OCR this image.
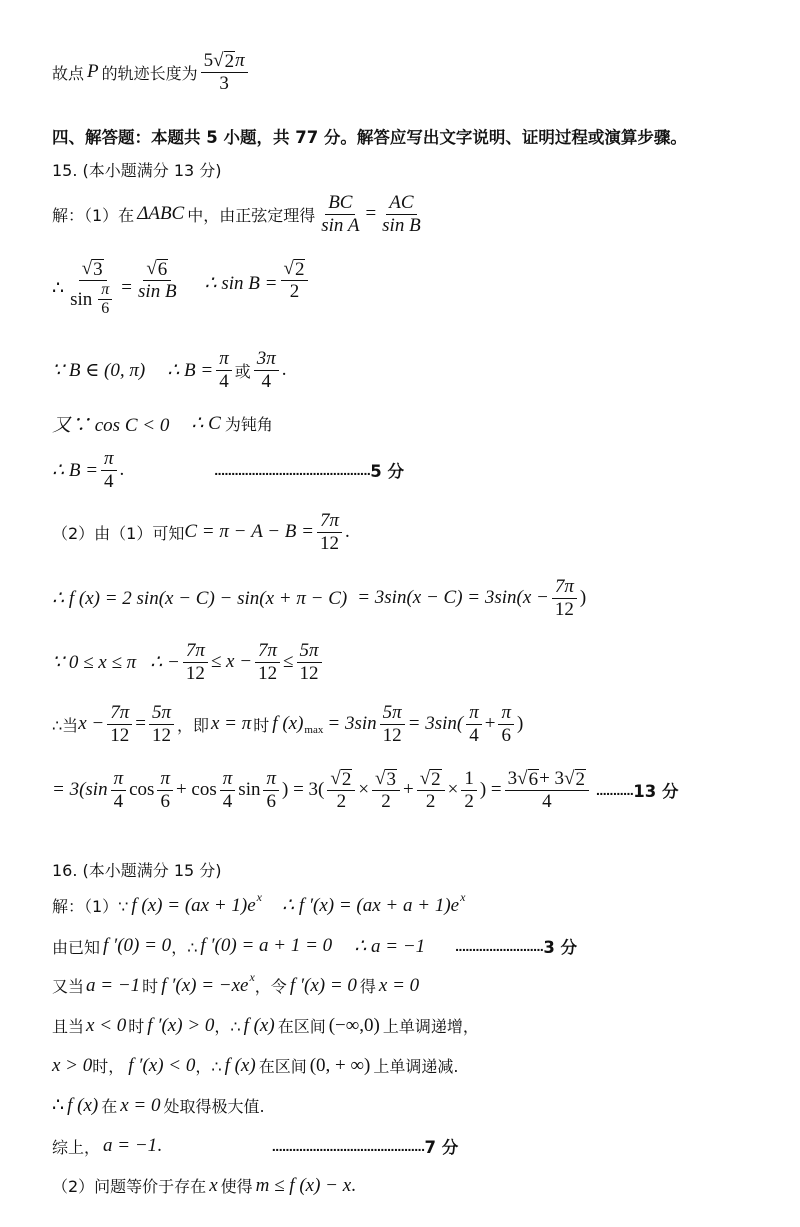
故点 P 的轨迹长度为 $\frac{5 √ 2 \pi}{3}$
四、解答题：本题共 5 小题，共 77 分。解答应写出文字说明、证明过程或演算步骤。
15. (本小题满分 13 分)
解：（1）在 ΔABC 中，由正弦定理得 $\frac{BC}{\text{sin A}} = \frac{AC}{\text{sin B}}$
∴ $\frac{√ 3}{\sin \frac{\pi}{6}} = \frac{√ 6}{\text{sin B}}$ ∴ $\sin B = \frac{√ 2}{2}$
∵ B ∈ (0, π) ∴ $B = \frac{\pi}{4}$ 或 $\frac{3\pi}{4}$ .
又∵ cos C < 0 ∴ C 为钝角
∴ $B = \frac{\pi}{4}$ .	.............................................. 5 分
（2）由（1）可知 $C = \pi - A - B = \frac{7\pi}{12}$ .
∴ f (x) = 2 $\sin(x - C) - \sin(x + \pi - C) = 3\sin(x - C) = 3\sin(x - \frac{7\pi}{12}$ )
∵ 0 ≤ x ≤ π ∴ − $\frac{7\pi}{12} \le x - \frac{7\pi}{12} \le \frac{5\pi}{12}$
∴当 $x - \frac{7\pi}{12} = \frac{5\pi}{12}$ ，即 x = π 时 f (x) $\max = 3\sin \frac{5\pi}{12} = 3\sin( \frac{\pi}{4} + \frac{\pi}{6}$ )
= $3(\sin \frac{\pi}{4}$ $\cos \frac{\pi}{6} + \cos \frac{\pi}{4}$ $\sin \frac{\pi}{6}$ ) = $3( \frac{√ 2}{2} \times \frac{√ 3}{2} + \frac{√ 2}{2} \times \frac{1}{2}$ ) = $\frac{3 √ 6 + 3 √ 2}{4}$ ........... 13 分
16. (本小题满分 15 分)
解：（1）∵ f (x) = (ax + 1)e x ∴ f ′(x) = (ax + a + 1)e x
由已知 f ′(0) = 0 ，∴ f ′(0) = a + 1 = 0 ∴ a = −1 .......................... 3 分
又当 a = −1 时 f ′(x) = −xe x ，令 f ′(x) = 0 得 x = 0
且当 x < 0 时 f ′(x) > 0 ，∴ f (x) 在区间 (−∞,0) 上单调递增，
x > 0 时， f ′(x) < 0 ，∴ f (x) 在区间 (0, + ∞) 上单调递减.
∴ f (x) 在 x = 0 处取得极大值.
综上， a = −1 .	............................................. 7 分
（2）问题等价于存在 x 使得 m ≤ f (x) − x .
